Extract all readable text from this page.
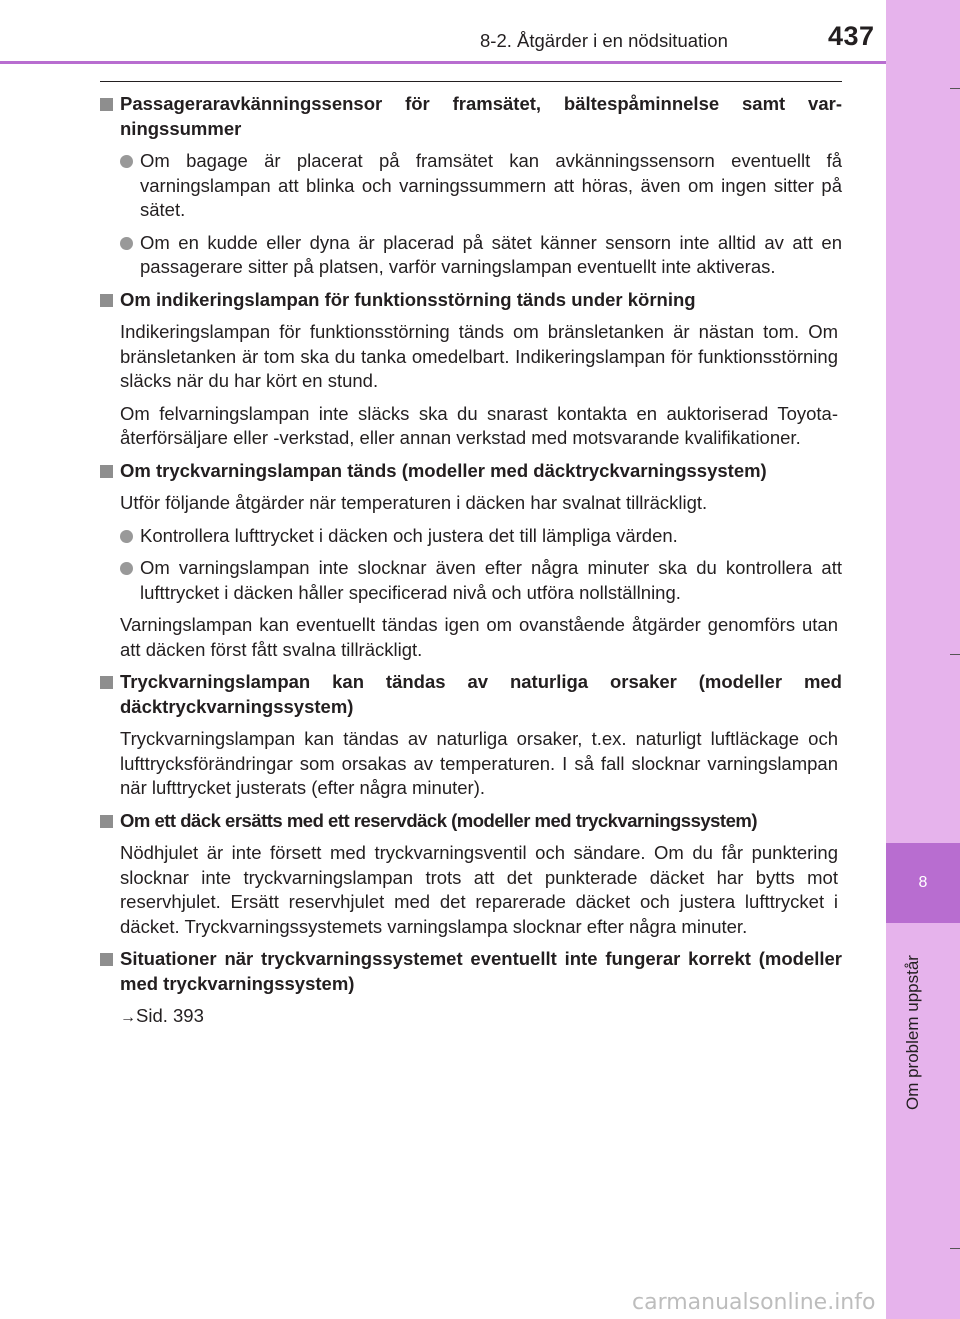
8
Om problem uppstår
8-2. Åtgärder i en nödsituation	437

Passageraravkänningssensor för framsätet, bältespåminnelse samt varningssummer

Om bagage är placerat på framsätet kan avkänningssensorn eventuellt få varningslampan att blinka och varningssummern att höras, även om ingen sitter på sätet.

Om en kudde eller dyna är placerad på sätet känner sensorn inte alltid av att en passagerare sitter på platsen, varför varningslampan eventuellt inte aktiveras.

Om indikeringslampan för funktionsstörning tänds under körning

Indikeringslampan för funktionsstörning tänds om bränsletanken är nästan tom. Om bränsletanken är tom ska du tanka omedelbart. Indikeringslampan för funktionsstörning släcks när du har kört en stund.

Om felvarningslampan inte släcks ska du snarast kontakta en auktoriserad Toyota-återförsäljare eller -verkstad, eller annan verkstad med motsvarande kvalifikationer.

Om tryckvarningslampan tänds (modeller med däcktryckvarningssystem)

Utför följande åtgärder när temperaturen i däcken har svalnat tillräckligt.

Kontrollera lufttrycket i däcken och justera det till lämpliga värden.

Om varningslampan inte slocknar även efter några minuter ska du kontrollera att lufttrycket i däcken håller specificerad nivå och utföra nollställning.

Varningslampan kan eventuellt tändas igen om ovanstående åtgärder genomförs utan att däcken först fått svalna tillräckligt.

Tryckvarningslampan kan tändas av naturliga orsaker (modeller med däcktryckvarningssystem)

Tryckvarningslampan kan tändas av naturliga orsaker, t.ex. naturligt luftläckage och lufttrycksförändringar som orsakas av temperaturen. I så fall slocknar varningslampan när lufttrycket justerats (efter några minuter).

Om ett däck ersätts med ett reservdäck (modeller med tryckvarningssystem)

Nödhjulet är inte försett med tryckvarningsventil och sändare. Om du får punktering slocknar inte tryckvarningslampan trots att det punkterade däcket har bytts mot reservhjulet. Ersätt reservhjulet med det reparerade däcket och justera lufttrycket i däcket. Tryckvarningssystemets varningslampa slocknar efter några minuter.

Situationer när tryckvarningssystemet eventuellt inte fungerar korrekt (modeller med tryckvarningssystem)

→Sid. 393

carmanualsonline.info
